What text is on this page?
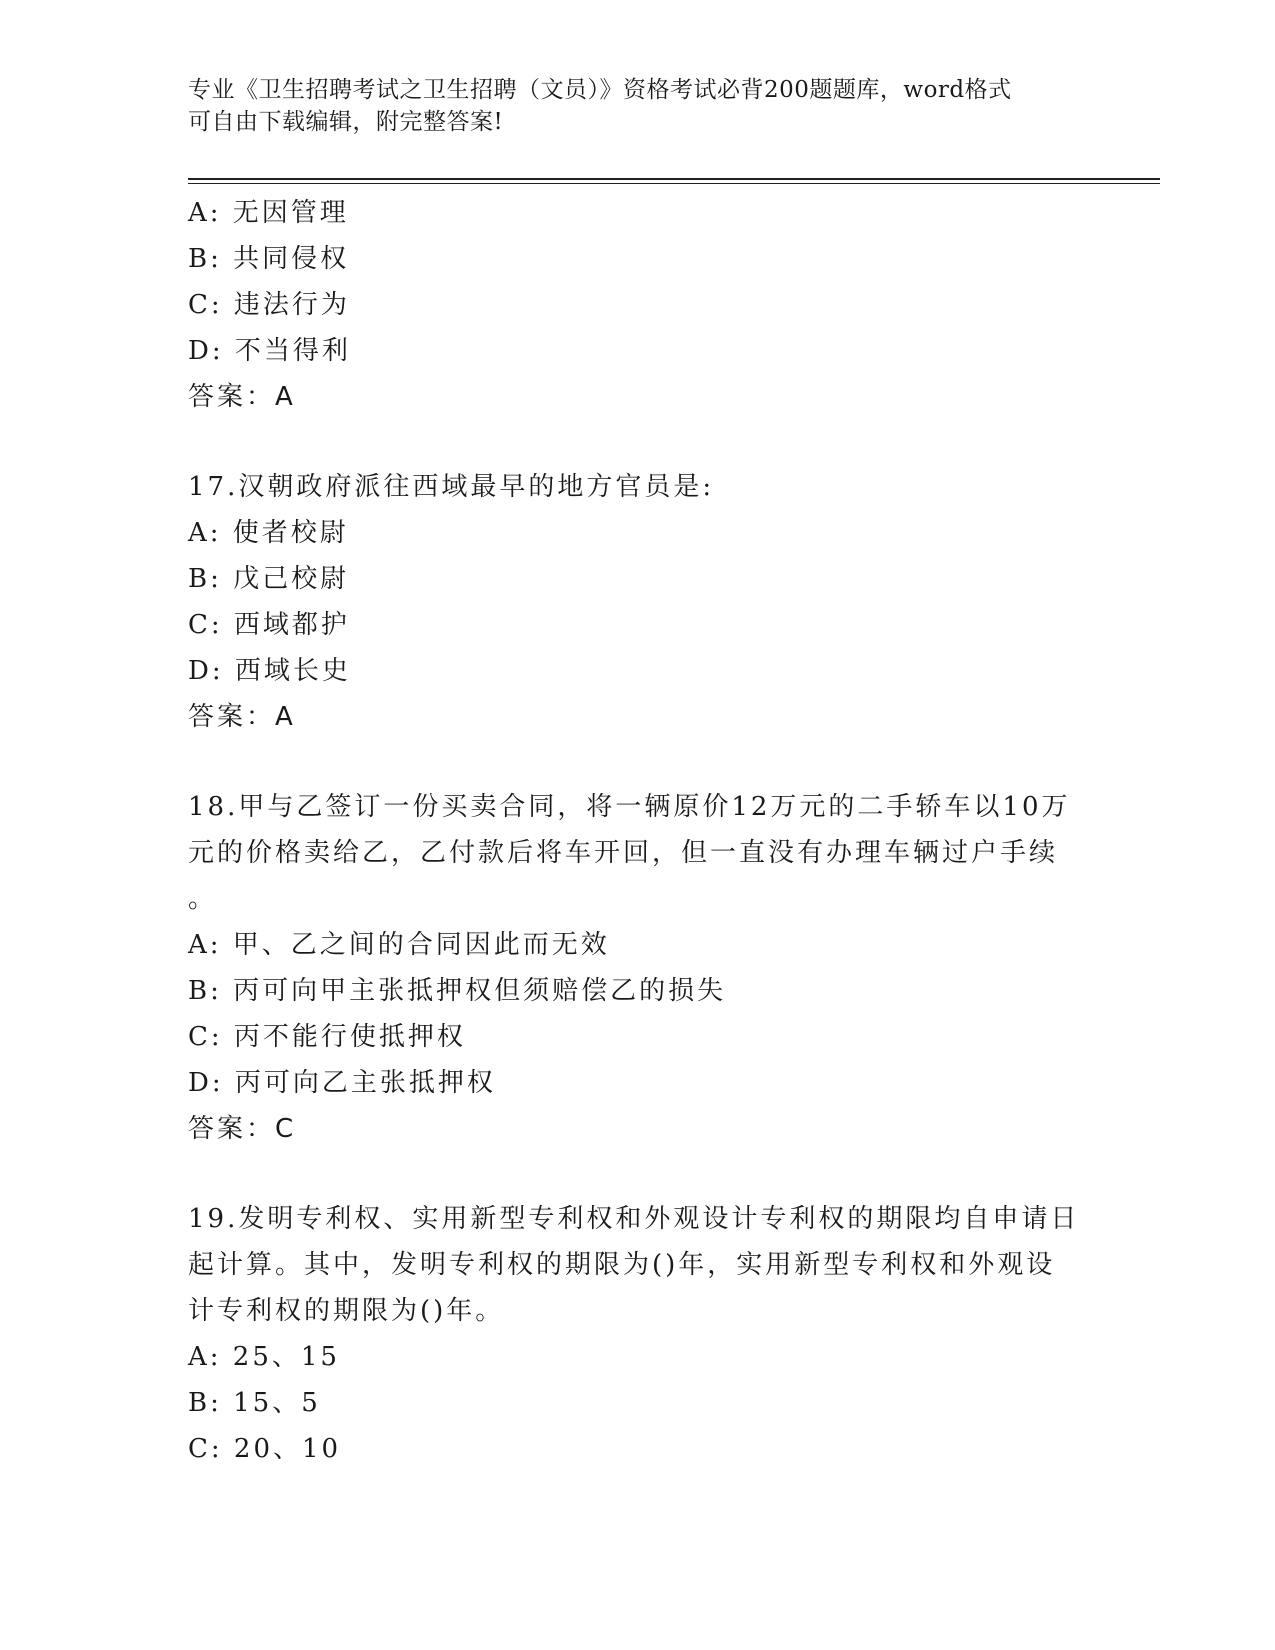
专业《卫生招聘考试之卫生招聘（文员）》资格考试必背200题题库，word格式
可自由下载编辑，附完整答案!
A: 无因管理
B: 共同侵权
C: 违法行为
D: 不当得利
答案：A
17.汉朝政府派往西域最早的地方官员是:
A: 使者校尉
B: 戊己校尉
C: 西域都护
D: 西域长史
答案：A
18.甲与乙签订一份买卖合同，将一辆原价12万元的二手轿车以10万
元的价格卖给乙，乙付款后将车开回，但一直没有办理车辆过户手续
。
A: 甲、乙之间的合同因此而无效
B: 丙可向甲主张抵押权但须赔偿乙的损失
C: 丙不能行使抵押权
D: 丙可向乙主张抵押权
答案：C
19.发明专利权、实用新型专利权和外观设计专利权的期限均自申请日
起计算。其中，发明专利权的期限为()年，实用新型专利权和外观设
计专利权的期限为()年。
A: 25、15
B: 15、5
C: 20、10
